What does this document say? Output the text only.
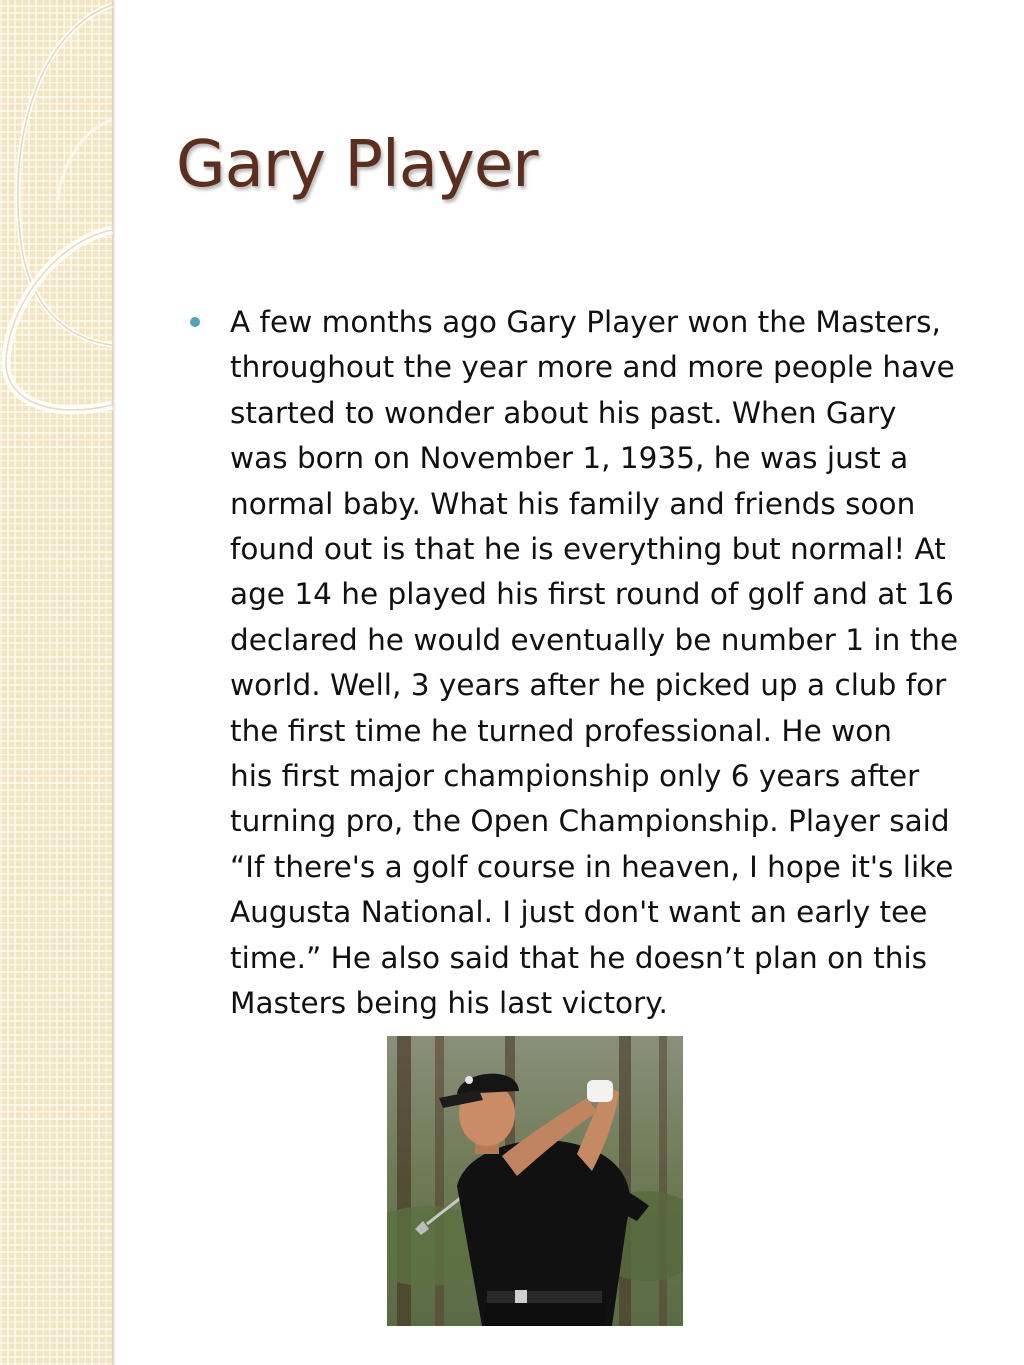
Gary Player
A few months ago Gary Player won the Masters,
throughout the year more and more people have
started to wonder about his past. When Gary
was born on November 1, 1935, he was just a
normal baby. What his family and friends soon
found out is that he is everything but normal! At
age 14 he played his first round of golf and at 16
declared he would eventually be number 1 in the
world. Well, 3 years after he picked up a club for
the first time he turned professional. He won
his first major championship only 6 years after
turning pro, the Open Championship. Player said
“If there's a golf course in heaven, I hope it's like
Augusta National. I just don't want an early tee
time.” He also said that he doesn’t plan on this
Masters being his last victory.
